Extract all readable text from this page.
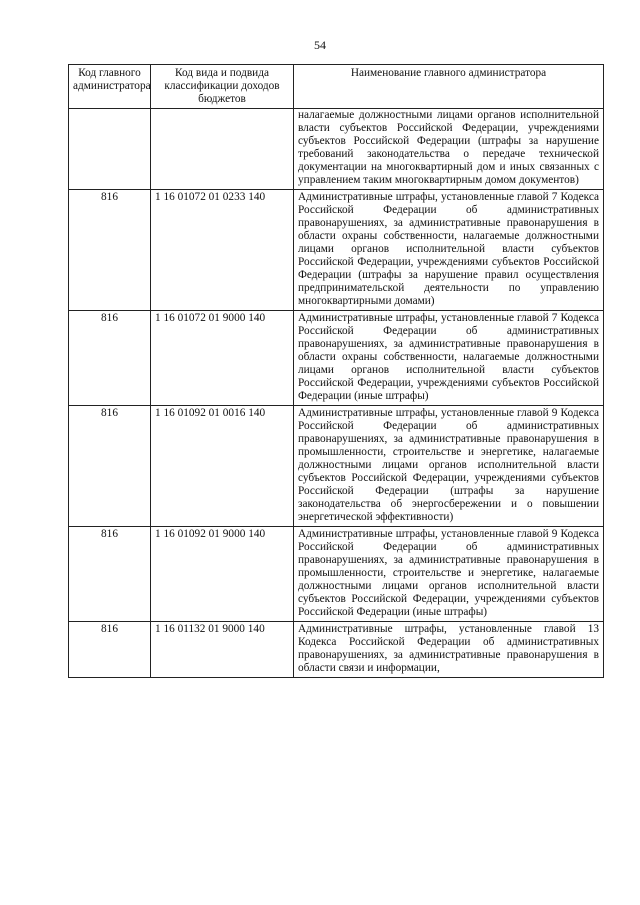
54
Код главного администратора	Код вида и подвида классификации доходов бюджетов	Наименование главного администратора
		налагаемые должностными лицами органов исполнительной власти субъектов Российской Федерации, учреждениями субъектов Российской Федерации (штрафы за нарушение требований законодательства о передаче технической документации на многоквартирный дом и иных связанных с управлением таким многоквартирным домом документов)
816	1 16 01072 01 0233 140	Административные штрафы, установленные главой 7 Кодекса Российской Федерации об административных правонарушениях, за административные правонарушения в области охраны собственности, налагаемые должностными лицами органов исполнительной власти субъектов Российской Федерации, учреждениями субъектов Российской Федерации (штрафы за нарушение правил осуществления предпринимательской деятельности по управлению многоквартирными домами)
816	1 16 01072 01 9000 140	Административные штрафы, установленные главой 7 Кодекса Российской Федерации об административных правонарушениях, за административные правонарушения в области охраны собственности, налагаемые должностными лицами органов исполнительной власти субъектов Российской Федерации, учреждениями субъектов Российской Федерации (иные штрафы)
816	1 16 01092 01 0016 140	Административные штрафы, установленные главой 9 Кодекса Российской Федерации об административных правонарушениях, за административные правонарушения в промышленности, строительстве и энергетике, налагаемые должностными лицами органов исполнительной власти субъектов Российской Федерации, учреждениями субъектов Российской Федерации (штрафы за нарушение законодательства об энергосбережении и о повышении энергетической эффективности)
816	1 16 01092 01 9000 140	Административные штрафы, установленные главой 9 Кодекса Российской Федерации об административных правонарушениях, за административные правонарушения в промышленности, строительстве и энергетике, налагаемые должностными лицами органов исполнительной власти субъектов Российской Федерации, учреждениями субъектов Российской Федерации (иные штрафы)
816	1 16 01132 01 9000 140	Административные штрафы, установленные главой 13 Кодекса Российской Федерации об административных правонарушениях, за административные правонарушения в области связи и информации,
